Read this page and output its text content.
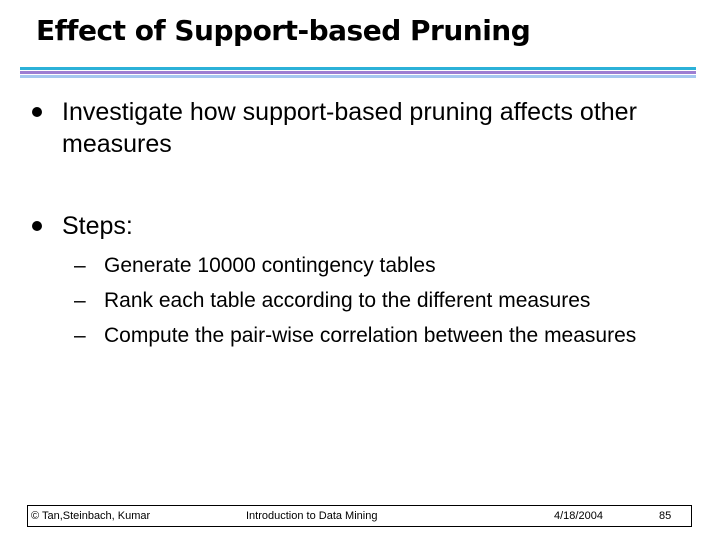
Effect of Support-based Pruning
Investigate how support-based pruning affects other measures
Steps:
– Generate 10000 contingency tables
– Rank each table according to the different measures
– Compute the pair-wise correlation between the measures
© Tan,Steinbach, Kumar	Introduction to Data Mining	4/18/2004	85
